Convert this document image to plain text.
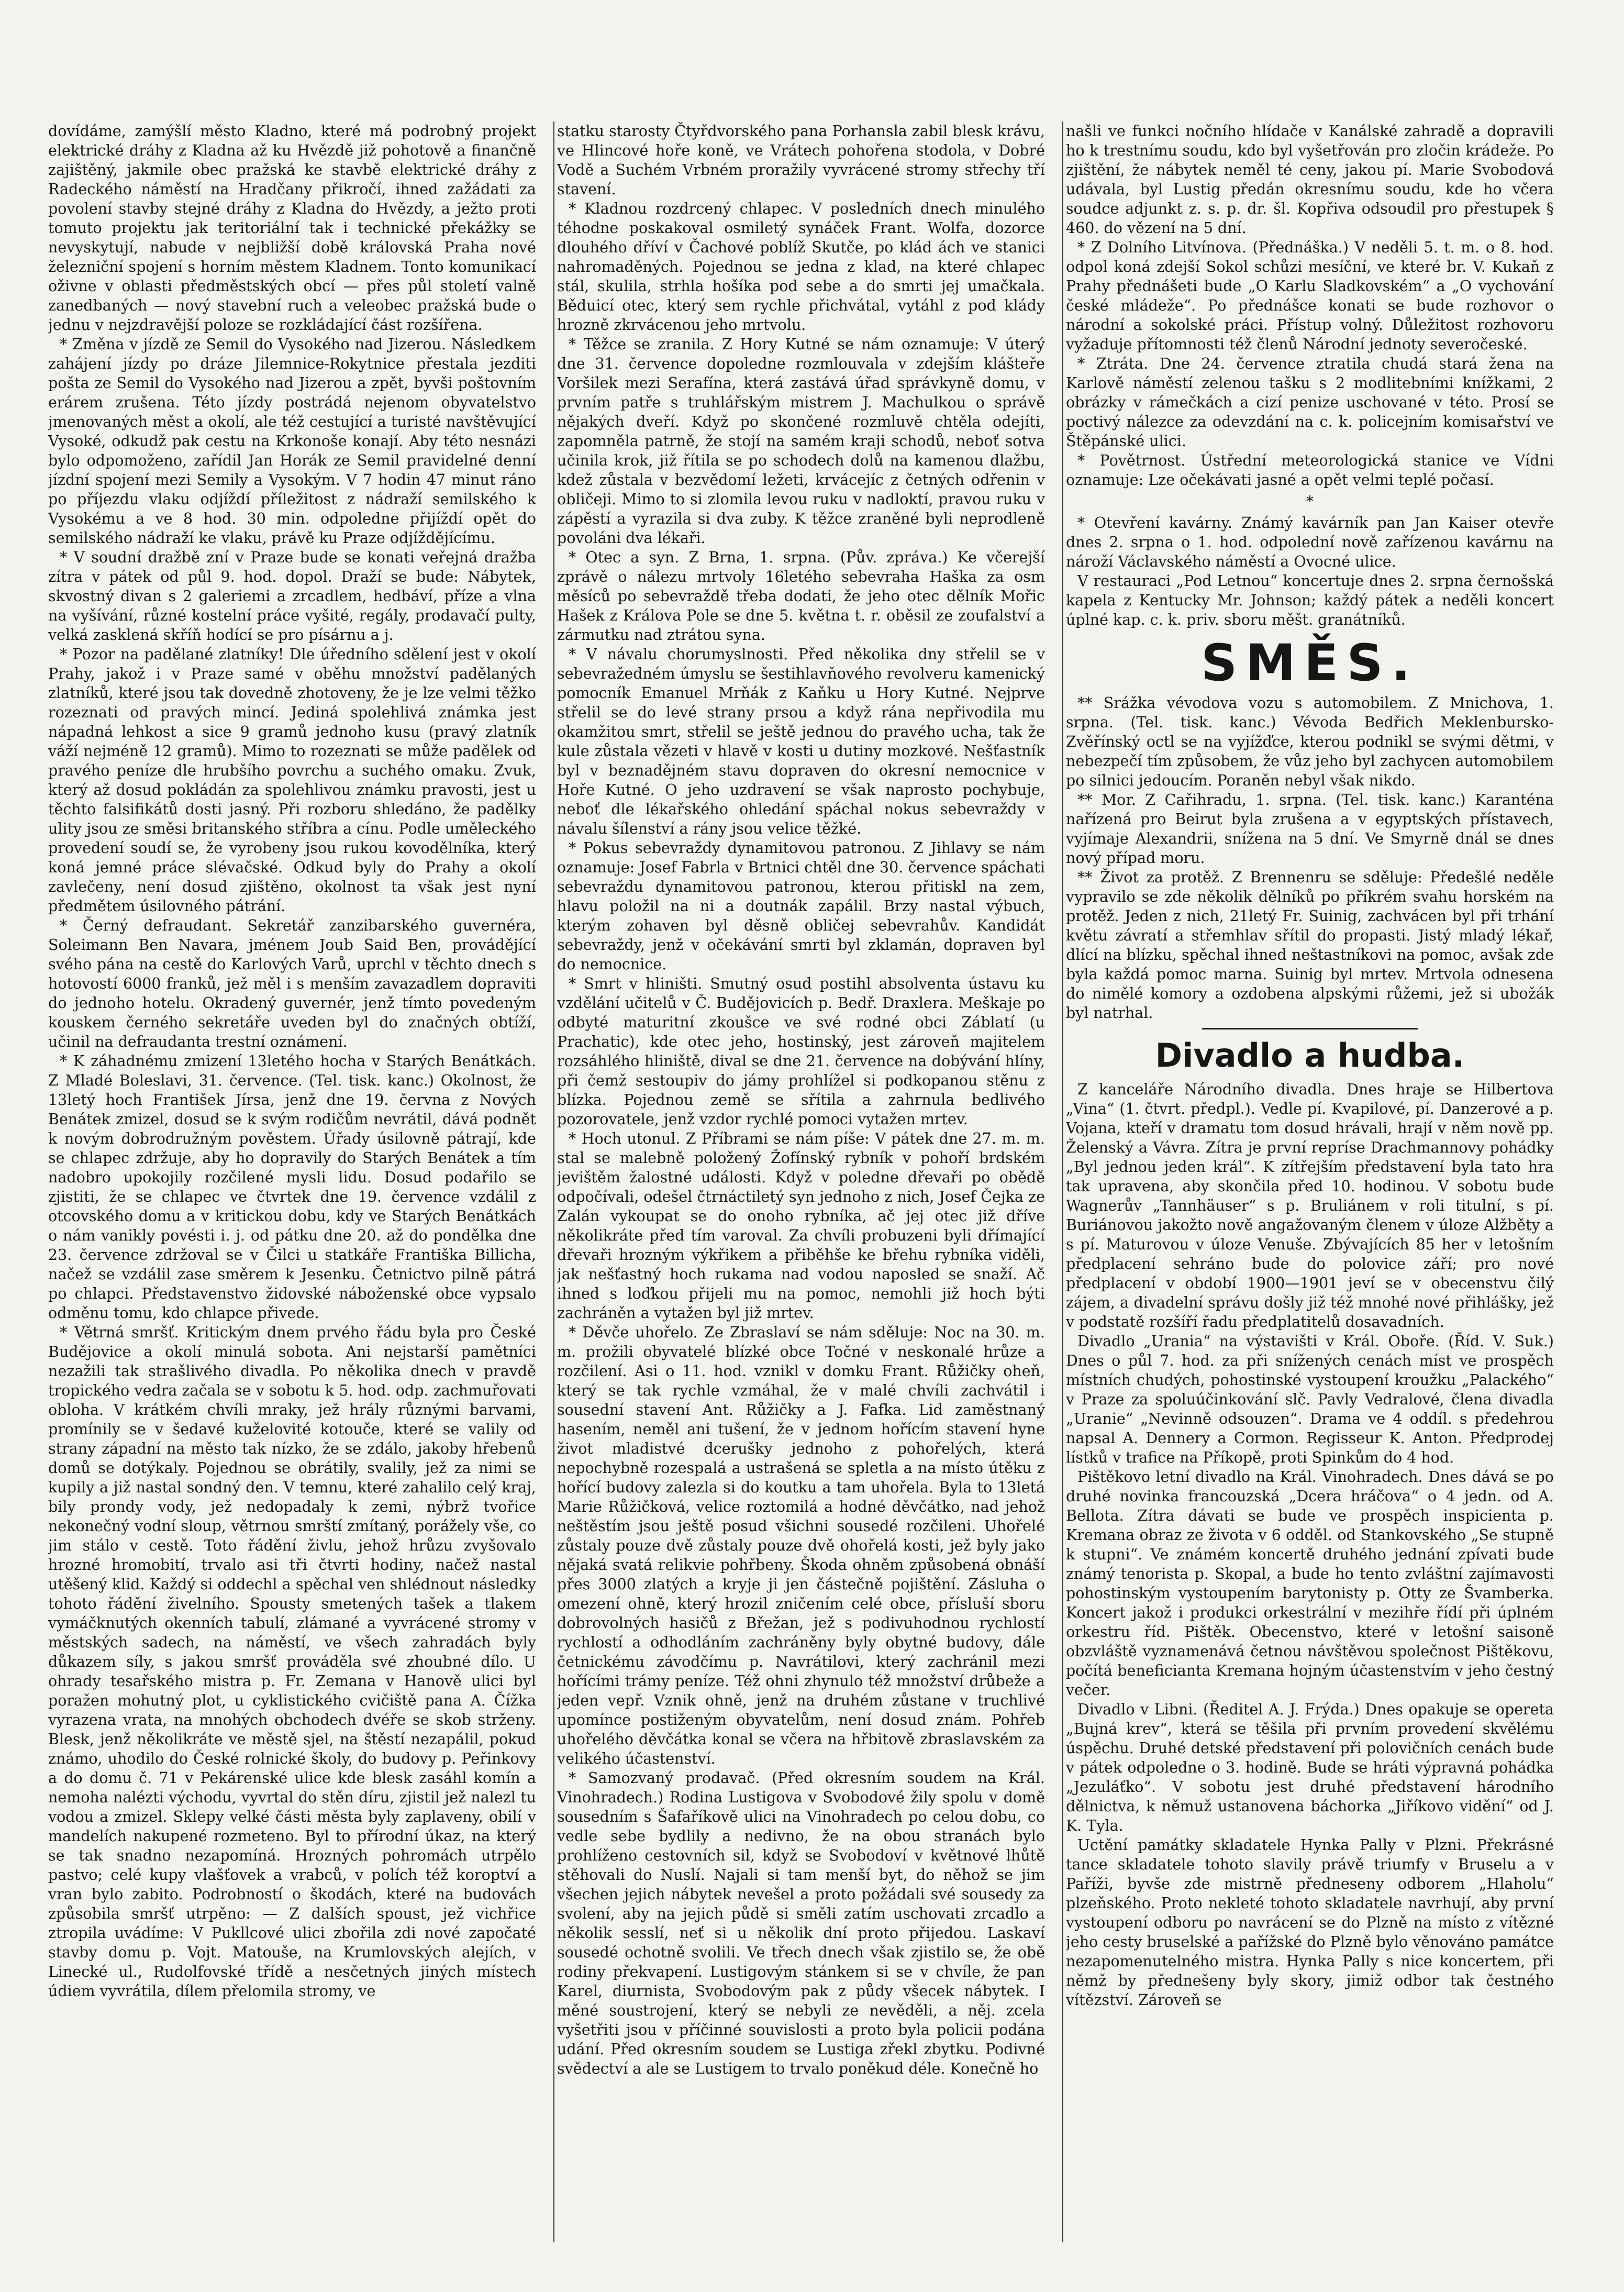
dovídáme, zamýšlí město Kladno, které má podrobný projekt elektrické dráhy z Kladna až ku Hvězdě již pohotově a finančně zajištěný, jakmile obec pražská ke stavbě elektrické dráhy z Radeckého náměstí na Hradčany přikročí, ihned zažádati za povolení stavby stejné dráhy z Kladna do Hvězdy, a ježto proti tomuto projektu jak teritoriální tak i technické překážky se nevyskytují, nabude v nejbližší době královská Praha nové železniční spojení s horním městem Kladnem. Tonto komunikací oživne v oblasti předměstských obcí — přes půl století valně zanedbaných — nový stavební ruch a veleobec pražská bude o jednu v nejzdravější poloze se rozkládající část rozšířena.

* Změna v jízdě ze Semil do Vysokého nad Jizerou. Následkem zahájení jízdy po dráze Jilemnice-Rokytnice přestala jezditi pošta ze Semil do Vysokého nad Jizerou a zpět, byvši poštovním erárem zrušena. Této jízdy postrádá nejenom obyvatelstvo jmenovaných měst a okolí, ale též cestující a turisté navštěvující Vysoké, odkudž pak cestu na Krkonoše konají. Aby této nesnázi bylo odpomoženo, zařídil Jan Horák ze Semil pravidelné denní jízdní spojení mezi Semily a Vysokým. V 7 hodin 47 minut ráno po příjezdu vlaku odjíždí příležitost z nádraží semilského k Vysokému a ve 8 hod. 30 min. odpoledne přijíždí opět do semilského nádraží ke vlaku, právě ku Praze odjíždějícímu.

* V soudní dražbě zní v Praze bude se konati veřejná dražba zítra v pátek od půl 9. hod. dopol. Draží se bude: Nábytek, skvostný divan s 2 galeriemi a zrcadlem, hedbáví, příze a vlna na vyšívání, různé kostelní práce vyšité, regály, prodavačí pulty, velká zasklená skříň hodící se pro písárnu a j.

* Pozor na padělané zlatníky! Dle úředního sdělení jest v okolí Prahy, jakož i v Praze samé v oběhu množství padělaných zlatníků, které jsou tak dovedně zhotoveny, že je lze velmi těžko rozeznati od pravých mincí. Jediná spolehlivá známka jest nápadná lehkost a sice 9 gramů jednoho kusu (pravý zlatník váží nejméně 12 gramů). Mimo to rozeznati se může padělek od pravého peníze dle hrubšího povrchu a suchého omaku. Zvuk, který až dosud pokládán za spolehlivou známku pravosti, jest u těchto falsifikátů dosti jasný. Při rozboru shledáno, že padělky ulity jsou ze směsi britanského stříbra a cínu. Podle uměleckého provedení soudí se, že vyrobeny jsou rukou kovodělníka, který koná jemné práce slévačské. Odkud byly do Prahy a okolí zavlečeny, není dosud zjištěno, okolnost ta však jest nyní předmětem úsilovného pátrání.

* Černý defraudant. Sekretář zanzibarského guvernéra, Soleimann Ben Navara, jménem Joub Said Ben, provádějící svého pána na cestě do Karlových Varů, uprchl v těchto dnech s hotovostí 6000 franků, jež měl i s menším zavazadlem dopraviti do jednoho hotelu. Okradený guvernér, jenž tímto povedeným kouskem černého sekretáře uveden byl do značných obtíží, učinil na defraudanta trestní oznámení.

* K záhadnému zmizení 13letého hocha v Starých Benátkách. Z Mladé Boleslavi, 31. července. (Tel. tisk. kanc.) Okolnost, že 13letý hoch František Jírsa, jenž dne 19. června z Nových Benátek zmizel, dosud se k svým rodičům nevrátil, dává podnět k novým dobrodružným pověstem. Úřady úsilovně pátrají, kde se chlapec zdržuje, aby ho dopravily do Starých Benátek a tím nadobro upokojily rozčilené mysli lidu. Dosud podařilo se zjistiti, že se chlapec ve čtvrtek dne 19. července vzdálil z otcovského domu a v kritickou dobu, kdy ve Starých Benátkách o nám vanikly povésti i. j. od pátku dne 20. až do pondělka dne 23. července zdržoval se v Čilci u statkáře Františka Billicha, načež se vzdálil zase směrem k Jesenku. Četnictvo pilně pátrá po chlapci. Představenstvo židovské náboženské obce vypsalo odměnu tomu, kdo chlapce přivede.

* Větrná smršť. Kritickým dnem prvého řádu byla pro České Budějovice a okolí minulá sobota. Ani nejstarší pamětníci nezažili tak strašlivého divadla. Po několika dnech v pravdě tropického vedra začala se v sobotu k 5. hod. odp. zachmuřovati obloha. V krátkém chvíli mraky, jež hrály různými barvami, promínily se v šedavé kuželovité kotouče, které se valily od strany západní na město tak nízko, že se zdálo, jakoby hřebenů domů se dotýkaly. Pojednou se obrátily, svalily, jež za nimi se kupily a již nastal sondný den. V temnu, které zahalilo celý kraj, bily prondy vody, jež nedopadaly k zemi, nýbrž tvořice nekonečný vodní sloup, větrnou smrští zmítaný, porážely vše, co jim stálo v cestě. Toto řádění živlu, jehož hrůzu zvyšovalo hrozné hromobití, trvalo asi tři čtvrti hodiny, načež nastal utěšený klid. Každý si oddechl a spěchal ven shlédnout následky tohoto řádění živelního. Spousty smetených tašek a tlakem vymáčknutých okenních tabulí, zlámané a vyvrácené stromy v městských sadech, na náměstí, ve všech zahradách byly důkazem síly, s jakou smršť prováděla své zhoubné dílo. U ohrady tesařského mistra p. Fr. Zemana v Hanově ulici byl poražen mohutný plot, u cyklistického cvičiště pana A. Čížka vyrazena vrata, na mnohých obchodech dvéře se skob strženy. Blesk, jenž několikráte ve městě sjel, na štěstí nezapálil, pokud známo, uhodilo do České rolnické školy, do budovy p. Peřinkovy a do domu č. 71 v Pekárenské ulice kde blesk zasáhl komín a nemoha nalézti východu, vyvrtal do stěn díru, zjistil jež nalezl tu vodou a zmizel. Sklepy velké části města byly zaplaveny, obilí v mandelích nakupené rozmeteno. Byl to přírodní úkaz, na který se tak snadno nezapomíná. Hrozných pohromách utrpělo pastvo; celé kupy vlašťovek a vrabců, v polích též koroptví a vran bylo zabito. Podrobností o škodách, které na budovách způsobila smršť utrpěno: — Z dalších spoust, jež vichřice ztropila uvádíme: V Pukllcové ulici zbořila zdi nové započaté stavby domu p. Vojt. Matouše, na Krumlovských alejích, v Linecké ul., Rudolfovské třídě a nesčetných jiných místech údiem vyvrátila, dílem přelomila stromy, ve

statku starosty Čtyřdvorského pana Porhansla zabil blesk krávu, ve Hlincové hoře koně, ve Vrátech pohořena stodola, v Dobré Vodě a Suchém Vrbném proražily vyvrácené stromy střechy tří stavení.

* Kladnou rozdrcený chlapec. V posledních dnech minulého téhodne poskakoval osmiletý synáček Frant. Wolfa, dozorce dlouhého dříví v Čachové poblíž Skutče, po klád ách ve stanici nahromaděných. Pojednou se jedna z klad, na které chlapec stál, skulila, strhla hošíka pod sebe a do smrti jej umačkala. Běduicí otec, který sem rychle přichvátal, vytáhl z pod klády hrozně zkrvácenou jeho mrtvolu.

* Těžce se zranila. Z Hory Kutné se nám oznamuje: V úterý dne 31. července dopoledne rozmlouvala v zdejším klášteře Voršilek mezi Serafína, která zastává úřad správkyně domu, v prvním patře s truhlářským mistrem J. Machulkou o správě nějakých dveří. Když po skončené rozmluvě chtěla odejíti, zapomněla patrně, že stojí na samém kraji schodů, neboť sotva učinila krok, již řítila se po schodech dolů na kamenou dlažbu, kdež zůstala v bezvědomí ležeti, krvácejíc z četných odřenin v obličeji. Mimo to si zlomila levou ruku v nadloktí, pravou ruku v zápěstí a vyrazila si dva zuby. K těžce zraněné byli neprodleně povoláni dva lékaři.

* Otec a syn. Z Brna, 1. srpna. (Pův. zpráva.) Ke včerejší zprávě o nálezu mrtvoly 16letého sebevraha Haška za osm měsíců po sebevraždě třeba dodati, že jeho otec dělník Mořic Hašek z Králova Pole se dne 5. května t. r. oběsil ze zoufalství a zármutku nad ztrátou syna.

* V návalu chorumyslnosti. Před několika dny střelil se v sebevražedném úmyslu se šestihlavňového revolveru kamenický pomocník Emanuel Mrňák z Kaňku u Hory Kutné. Nejprve střelil se do levé strany prsou a když rána nepřivodila mu okamžitou smrt, střelil se ještě jednou do pravého ucha, tak že kule zůstala vězeti v hlavě v kosti u dutiny mozkové. Nešťastník byl v beznadějném stavu dopraven do okresní nemocnice v Hoře Kutné. O jeho uzdravení se však naprosto pochybuje, neboť dle lékařského ohledání spáchal nokus sebevraždy v návalu šílenství a rány jsou velice těžké.

* Pokus sebevraždy dynamitovou patronou. Z Jihlavy se nám oznamuje: Josef Fabrla v Brtnici chtěl dne 30. července spáchati sebevraždu dynamitovou patronou, kterou přitiskl na zem, hlavu položil na ni a doutnák zapálil. Brzy nastal výbuch, kterým zohaven byl děsně obličej sebevrahův. Kandidát sebevraždy, jenž v očekávání smrti byl zklamán, dopraven byl do nemocnice.

* Smrt v hliništi. Smutný osud postihl absolventa ústavu ku vzdělání učitelů v Č. Budějovicích p. Bedř. Draxlera. Meškaje po odbyté maturitní zkoušce ve své rodné obci Záblatí (u Prachatic), kde otec jeho, hostinský, jest zároveň majitelem rozsáhlého hliniště, dival se dne 21. července na dobývání hlíny, při čemž sestoupiv do jámy prohlížel si podkopanou stěnu z blízka. Pojednou země se sřítila a zahrnula bedlivého pozorovatele, jenž vzdor rychlé pomoci vytažen mrtev.

* Hoch utonul. Z Příbrami se nám píše: V pátek dne 27. m. m. stal se malebně položený Žofínský rybník v pohoří brdském jevištěm žalostné události. Když v poledne dřevaři po obědě odpočívali, odešel čtrnáctiletý syn jednoho z nich, Josef Čejka ze Zalán vykoupat se do onoho rybníka, ač jej otec již dříve několikráte před tím varoval. Za chvíli probuzeni byli dřímající dřevaři hrozným výkřikem a přiběhše ke břehu rybníka viděli, jak nešťastný hoch rukama nad vodou naposled se snaží. Ač ihned s loďkou přijeli mu na pomoc, nemohli již hoch býti zachráněn a vytažen byl již mrtev.

* Děvče uhořelo. Ze Zbraslaví se nám sděluje: Noc na 30. m. m. prožili obyvatelé blízké obce Točné v neskonalé hrůze a rozčilení. Asi o 11. hod. vznikl v domku Frant. Růžičky oheň, který se tak rychle vzmáhal, že v malé chvíli zachvátil i sousední stavení Ant. Růžičky a J. Fafka. Lid zaměstnaný hasením, neměl ani tušení, že v jednom hořícím stavení hyne život mladistvé dcerušky jednoho z pohořelých, která nepochybně rozespalá a ustrašená se spletla a na místo útěku z hořící budovy zalezla si do koutku a tam uhořela. Byla to 13letá Marie Růžičková, velice roztomilá a hodné děvčátko, nad jehož neštěstím jsou ještě posud všichni sousedé rozčileni. Uhořelé zůstaly pouze dvě zůstaly pouze dvě ohořelá kosti, jež byly jako nějaká svatá relikvie pohřbeny. Škoda ohněm způsobená obnáší přes 3000 zlatých a kryje ji jen částečně pojištění. Zásluha o omezení ohně, který hrozil zničením celé obce, přísluší sboru dobrovolných hasičů z Břežan, jež s podivuhodnou rychlostí rychlostí a odhodláním zachráněny byly obytné budovy, dále četnickému závodčímu p. Navrátilovi, který zachránil mezi hořícími trámy peníze. Též ohni zhynulo též množství drůbeže a jeden vepř. Vznik ohně, jenž na druhém zůstane v truchlivé upomínce postiženým obyvatelům, není dosud znám. Pohřeb uhořelého děvčátka konal se včera na hřbitově zbraslavském za velikého účastenství.

* Samozvaný prodavač. (Před okresním soudem na Král. Vinohradech.) Rodina Lustigova v Svobodové žily spolu v domě sousedním s Šafaříkově ulici na Vinohradech po celou dobu, co vedle sebe bydlily a nedivno, že na obou stranách bylo prohlíženo cestovních sil, když se Svobodoví v květnové lhůtě stěhovali do Nuslí. Najali si tam menší byt, do něhož se jim všechen jejich nábytek nevešel a proto požádali své sousedy za svolení, aby na jejich půdě si směli zatím uschovati zrcadlo a několik sesslí, neť si u několik dní proto přijedou. Laskaví sousedé ochotně svolili. Ve třech dnech však zjistilo se, že obě rodiny překvapení. Lustigovým stánkem si se v chvíle, že pan Karel, diurnista, Svobodovým pak z půdy všecek nábytek. I měné soustrojení, který se nebyli ze nevěděli, a něj. zcela vyšetřiti jsou v příčinné souvislosti a proto byla policii podána udání. Před okresním soudem se Lustiga zřekl zbytku. Podivné svědectví a ale se Lustigem to trvalo poněkud déle. Konečně ho

našli ve funkci nočního hlídače v Kanálské zahradě a dopravili ho k trestnímu soudu, kdo byl vyšetřován pro zločin krádeže. Po zjištění, že nábytek neměl té ceny, jakou pí. Marie Svobodová udávala, byl Lustig předán okresnímu soudu, kde ho včera soudce adjunkt z. s. p. dr. šl. Kopřiva odsoudil pro přestupek § 460. do vězení na 5 dní.

* Z Dolního Litvínova. (Přednáška.) V neděli 5. t. m. o 8. hod. odpol koná zdejší Sokol schůzi mesíční, ve které br. V. Kukaň z Prahy přednášeti bude „O Karlu Sladkovském“ a „O vychování české mládeže“. Po přednášce konati se bude rozhovor o národní a sokolské práci. Přístup volný. Důležitost rozhovoru vyžaduje přítomnosti též členů Národní jednoty severočeské.

* Ztráta. Dne 24. července ztratila chudá stará žena na Karlově náměstí zelenou tašku s 2 modlitebními knížkami, 2 obrázky v rámečkách a cizí penize uschované v této. Prosí se poctivý nálezce za odevzdání na c. k. policejním komisařství ve Štěpánské ulici.

* Povětrnost. Ústřední meteorologická stanice ve Vídni oznamuje: Lze očekávati jasné a opět velmi teplé počasí.

*

* Otevření kavárny. Známý kavárník pan Jan Kaiser otevře dnes 2. srpna o 1. hod. odpolední nově zařízenou kavárnu na nároží Václavského náměstí a Ovocné ulice.

V restauraci „Pod Letnou“ koncertuje dnes 2. srpna černošská kapela z Kentucky Mr. Johnson; každý pátek a neděli koncert úplné kap. c. k. priv. sboru měšt. granátníků.

SMĚS.

** Srážka vévodova vozu s automobilem. Z Mnichova, 1. srpna. (Tel. tisk. kanc.) Vévoda Bedřich Meklenbursko-Zvěřínský octl se na vyjížďce, kterou podnikl se svými dětmi, v nebezpečí tím způsobem, že vůz jeho byl zachycen automobilem po silnici jedoucím. Poraněn nebyl však nikdo.

** Mor. Z Cařihradu, 1. srpna. (Tel. tisk. kanc.) Karanténa nařízená pro Beirut byla zrušena a v egyptských přístavech, vyjímaje Alexandrii, snížena na 5 dní. Ve Smyrně dnál se dnes nový případ moru.

** Život za protěž. Z Brennenru se sděluje: Předešlé neděle vypravilo se zde několik dělníků po příkrém svahu horském na protěž. Jeden z nich, 21letý Fr. Suinig, zachvácen byl při trhání květu závratí a střemhlav sřítil do propasti. Jistý mladý lékař, dlící na blízku, spěchal ihned neštastníkovi na pomoc, avšak zde byla každá pomoc marna. Suinig byl mrtev. Mrtvola odnesena do nimělé komory a ozdobena alpskými růžemi, jež si ubožák byl natrhal.

Divadlo a hudba.

Z kanceláře Národního divadla. Dnes hraje se Hilbertova „Vina“ (1. čtvrt. předpl.). Vedle pí. Kvapilové, pí. Danzerové a p. Vojana, kteří v dramatu tom dosud hrávali, hrají v něm nově pp. Želenský a Vávra. Zítra je první repríse Drachmannovy pohádky „Byl jednou jeden král“. K zítřejším představení byla tato hra tak upravena, aby skončila před 10. hodinou. V sobotu bude Wagnerův „Tannhäuser“ s p. Bruliánem v roli titulní, s pí. Buriánovou jakožto nově angažovaným členem v úloze Alžběty a s pí. Maturovou v úloze Venuše. Zbývajících 85 her v letošním předplacení sehráno bude do polovice září; pro nové předplacení v období 1900—1901 jeví se v obecenstvu čilý zájem, a divadelní správu došly již též mnohé nové přihlášky, jež v podstatě rozšíří řadu předplatitelů dosavadních.

Divadlo „Urania“ na výstavišti v Král. Oboře. (Říd. V. Suk.) Dnes o půl 7. hod. za při snížených cenách míst ve prospěch místních chudých, pohostinské vystoupení kroužku „Palackého“ v Praze za spoluúčinkování slč. Pavly Vedralové, člena divadla „Uranie“ „Nevinně odsouzen“. Drama ve 4 oddíl. s předehrou napsal A. Dennery a Cormon. Regisseur K. Anton. Předprodej lístků v trafice na Příkopě, proti Spinkům do 4 hod.

Pištěkovo letní divadlo na Král. Vinohradech. Dnes dává se po druhé novinka francouzská „Dcera hráčova“ o 4 jedn. od A. Bellota. Zítra dávati se bude ve prospěch inspicienta p. Kremana obraz ze života v 6 odděl. od Stankovského „Se stupně k stupni“. Ve známém koncertě druhého jednání zpívati bude známý tenorista p. Skopal, a bude ho tento zvláštní zajímavosti pohostinským vystoupením barytonisty p. Otty ze Švamberka. Koncert jakož i produkci orkestrální v mezihře řídí při úplném orkestru říd. Pištěk. Obecenstvo, které v letošní saisoně obzvláště vyznamenává četnou návštěvou společnost Pištěkovu, počítá beneficianta Kremana hojným účastenstvím v jeho čestný večer.

Divadlo v Libni. (Ředitel A. J. Frýda.) Dnes opakuje se opereta „Bujná krev“, která se těšila při prvním provedení skvělému úspěchu. Druhé detské představení při polovičních cenách bude v pátek odpoledne o 3. hodině. Bude se hráti výpravná pohádka „Jezuláťko“. V sobotu jest druhé představení hárodního dělnictva, k němuž ustanovena báchorka „Jiříkovo vidění“ od J. K. Tyla.

Uctění památky skladatele Hynka Pally v Plzni. Překrásné tance skladatele tohoto slavily právě triumfy v Bruselu a v Paříži, byvše zde mistrně předneseny odborem „Hlaholu“ plzeňského. Proto nekleté tohoto skladatele navrhují, aby první vystoupení odboru po navrácení se do Plzně na místo z vítězné jeho cesty bruselské a pařížské do Plzně bylo věnováno památce nezapomenutelného mistra. Hynka Pally s nice koncertem, při němž by přednešeny byly skory, jimiž odbor tak čestného vítězství. Zároveň se
